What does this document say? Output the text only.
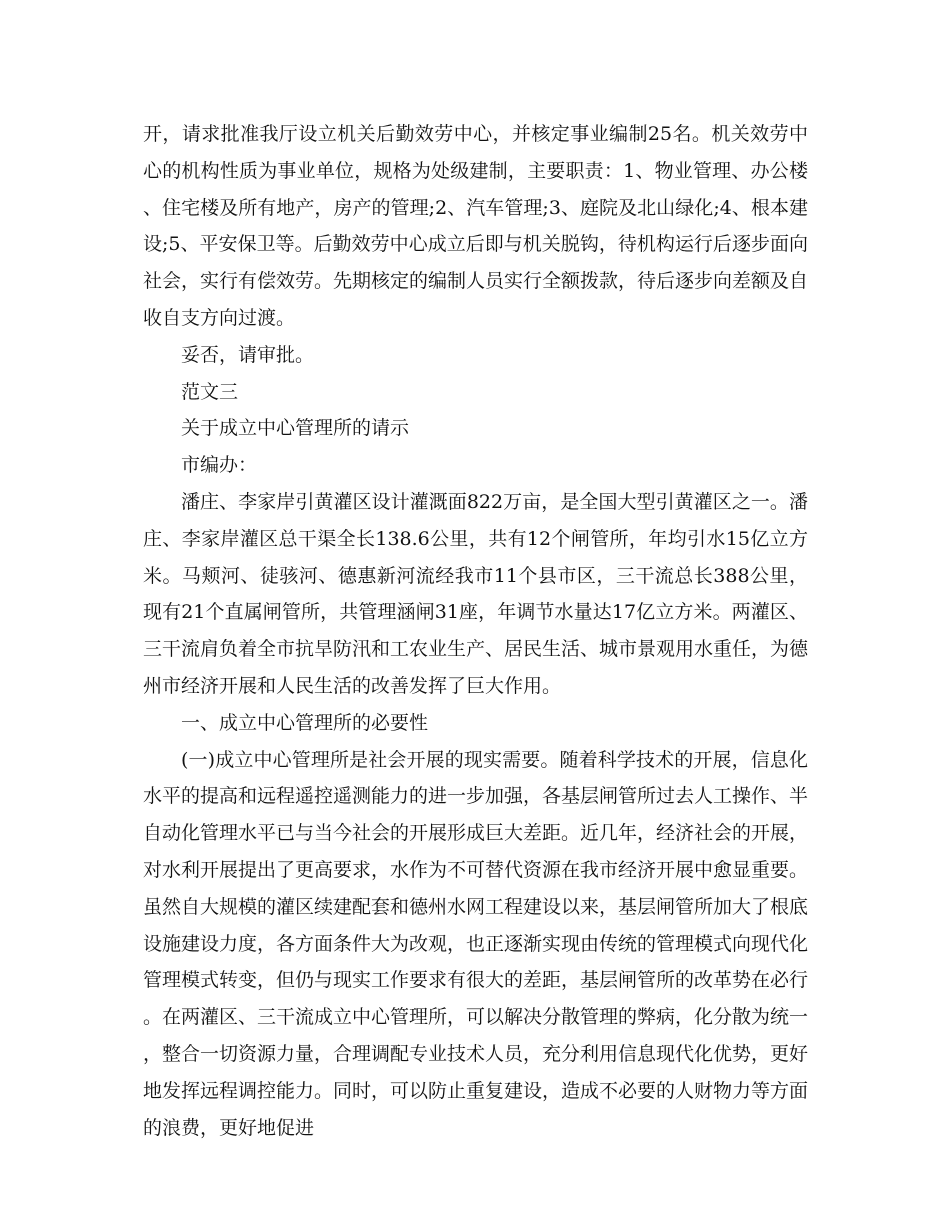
开，请求批准我厅设立机关后勤效劳中心，并核定事业编制25名。机关效劳中心的机构性质为事业单位，规格为处级建制，主要职责：1、物业管理、办公楼、住宅楼及所有地产，房产的管理;2、汽车管理;3、庭院及北山绿化;4、根本建设;5、平安保卫等。后勤效劳中心成立后即与机关脱钩，待机构运行后逐步面向社会，实行有偿效劳。先期核定的编制人员实行全额拨款，待后逐步向差额及自收自支方向过渡。

妥否，请审批。

范文三

关于成立中心管理所的请示

市编办：

潘庄、李家岸引黄灌区设计灌溉面822万亩，是全国大型引黄灌区之一。潘庄、李家岸灌区总干渠全长138.6公里，共有12个闸管所，年均引水15亿立方米。马颊河、徒骇河、德惠新河流经我市11个县市区，三干流总长388公里，现有21个直属闸管所，共管理涵闸31座，年调节水量达17亿立方米。两灌区、三干流肩负着全市抗旱防汛和工农业生产、居民生活、城市景观用水重任，为德州市经济开展和人民生活的改善发挥了巨大作用。

一、成立中心管理所的必要性

(一)成立中心管理所是社会开展的现实需要。随着科学技术的开展，信息化水平的提高和远程遥控遥测能力的进一步加强，各基层闸管所过去人工操作、半自动化管理水平已与当今社会的开展形成巨大差距。近几年，经济社会的开展，对水利开展提出了更高要求，水作为不可替代资源在我市经济开展中愈显重要。虽然自大规模的灌区续建配套和德州水网工程建设以来，基层闸管所加大了根底设施建设力度，各方面条件大为改观，也正逐渐实现由传统的管理模式向现代化管理模式转变，但仍与现实工作要求有很大的差距，基层闸管所的改革势在必行。在两灌区、三干流成立中心管理所，可以解决分散管理的弊病，化分散为统一，整合一切资源力量，合理调配专业技术人员，充分利用信息现代化优势，更好地发挥远程调控能力。同时，可以防止重复建设，造成不必要的人财物力等方面的浪费，更好地促进
